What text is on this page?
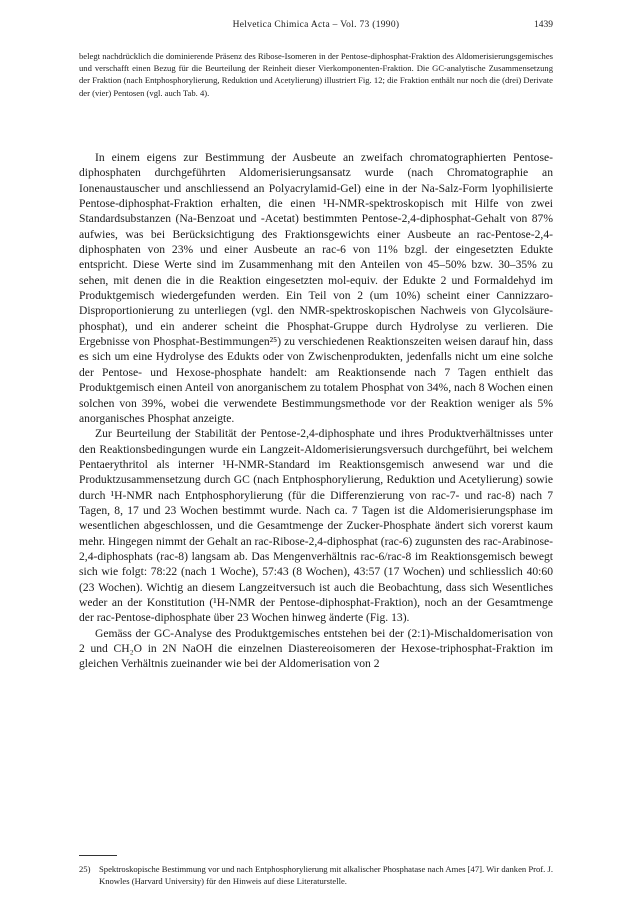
Helvetica Chimica Acta – Vol. 73 (1990)	1439

belegt nachdrücklich die dominierende Präsenz des Ribose-Isomeren in der Pentose-diphosphat-Fraktion des Aldomerisierungsgemisches und verschafft einen Bezug für die Beurteilung der Reinheit dieser Vierkomponenten-Fraktion. Die GC-analytische Zusammensetzung der Fraktion (nach Entphosphorylierung, Reduktion und Acetylierung) illustriert Fig. 12; die Fraktion enthält nur noch die (drei) Derivate der (vier) Pentosen (vgl. auch Tab. 4).

In einem eigens zur Bestimmung der Ausbeute an zweifach chromatographierten Pentose-diphosphaten durchgeführten Aldomerisierungsansatz wurde (nach Chromatographie an Ionenaustauscher und anschliessend an Polyacrylamid-Gel) eine in der Na-Salz-Form lyophilisierte Pentose-diphosphat-Fraktion erhalten, die einen ¹H-NMR-spektroskopisch mit Hilfe von zwei Standardsubstanzen (Na-Benzoat und -Acetat) bestimmten Pentose-2,4-diphosphat-Gehalt von 87% aufwies, was bei Berücksichtigung des Fraktionsgewichts einer Ausbeute an rac-Pentose-2,4-diphosphaten von 23% und einer Ausbeute an rac-6 von 11% bzgl. der eingesetzten Edukte entspricht. Diese Werte sind im Zusammenhang mit den Anteilen von 45–50% bzw. 30–35% zu sehen, mit denen die in die Reaktion eingesetzten mol-equiv. der Edukte 2 und Formaldehyd im Produktgemisch wiedergefunden werden. Ein Teil von 2 (um 10%) scheint einer Cannizzaro-Disproportionierung zu unterliegen (vgl. den NMR-spektroskopischen Nachweis von Glycolsäure-phosphat), und ein anderer scheint die Phosphat-Gruppe durch Hydrolyse zu verlieren. Die Ergebnisse von Phosphat-Bestimmungen²⁵) zu verschiedenen Reaktionszeiten weisen darauf hin, dass es sich um eine Hydrolyse des Edukts oder von Zwischenprodukten, jedenfalls nicht um eine solche der Pentose- und Hexose-phosphate handelt: am Reaktionsende nach 7 Tagen enthielt das Produktgemisch einen Anteil von anorganischem zu totalem Phosphat von 34%, nach 8 Wochen einen solchen von 39%, wobei die verwendete Bestimmungsmethode vor der Reaktion weniger als 5% anorganisches Phosphat anzeigte.

Zur Beurteilung der Stabilität der Pentose-2,4-diphosphate und ihres Produktverhältnisses unter den Reaktionsbedingungen wurde ein Langzeit-Aldomerisierungsversuch durchgeführt, bei welchem Pentaerythritol als interner ¹H-NMR-Standard im Reaktionsgemisch anwesend war und die Produktzusammensetzung durch GC (nach Entphosphorylierung, Reduktion und Acetylierung) sowie durch ¹H-NMR nach Entphosphorylierung (für die Differenzierung von rac-7- und rac-8) nach 7 Tagen, 8, 17 und 23 Wochen bestimmt wurde. Nach ca. 7 Tagen ist die Aldomerisierungsphase im wesentlichen abgeschlossen, und die Gesamtmenge der Zucker-Phosphate ändert sich vorerst kaum mehr. Hingegen nimmt der Gehalt an rac-Ribose-2,4-diphosphat (rac-6) zugunsten des rac-Arabinose-2,4-diphosphats (rac-8) langsam ab. Das Mengenverhältnis rac-6/rac-8 im Reaktionsgemisch bewegt sich wie folgt: 78:22 (nach 1 Woche), 57:43 (8 Wochen), 43:57 (17 Wochen) und schliesslich 40:60 (23 Wochen). Wichtig an diesem Langzeitversuch ist auch die Beobachtung, dass sich Wesentliches weder an der Konstitution (¹H-NMR der Pentose-diphosphat-Fraktion), noch an der Gesamtmenge der rac-Pentose-diphosphate über 23 Wochen hinweg änderte (Fig. 13).

Gemäss der GC-Analyse des Produktgemisches entstehen bei der (2:1)-Mischaldomerisation von 2 und CH₂O in 2N NaOH die einzelnen Diastereoisomeren der Hexose-triphosphat-Fraktion im gleichen Verhältnis zueinander wie bei der Aldomerisation von 2

25) Spektroskopische Bestimmung vor und nach Entphosphorylierung mit alkalischer Phosphatase nach Ames [47]. Wir danken Prof. J. Knowles (Harvard University) für den Hinweis auf diese Literaturstelle.
